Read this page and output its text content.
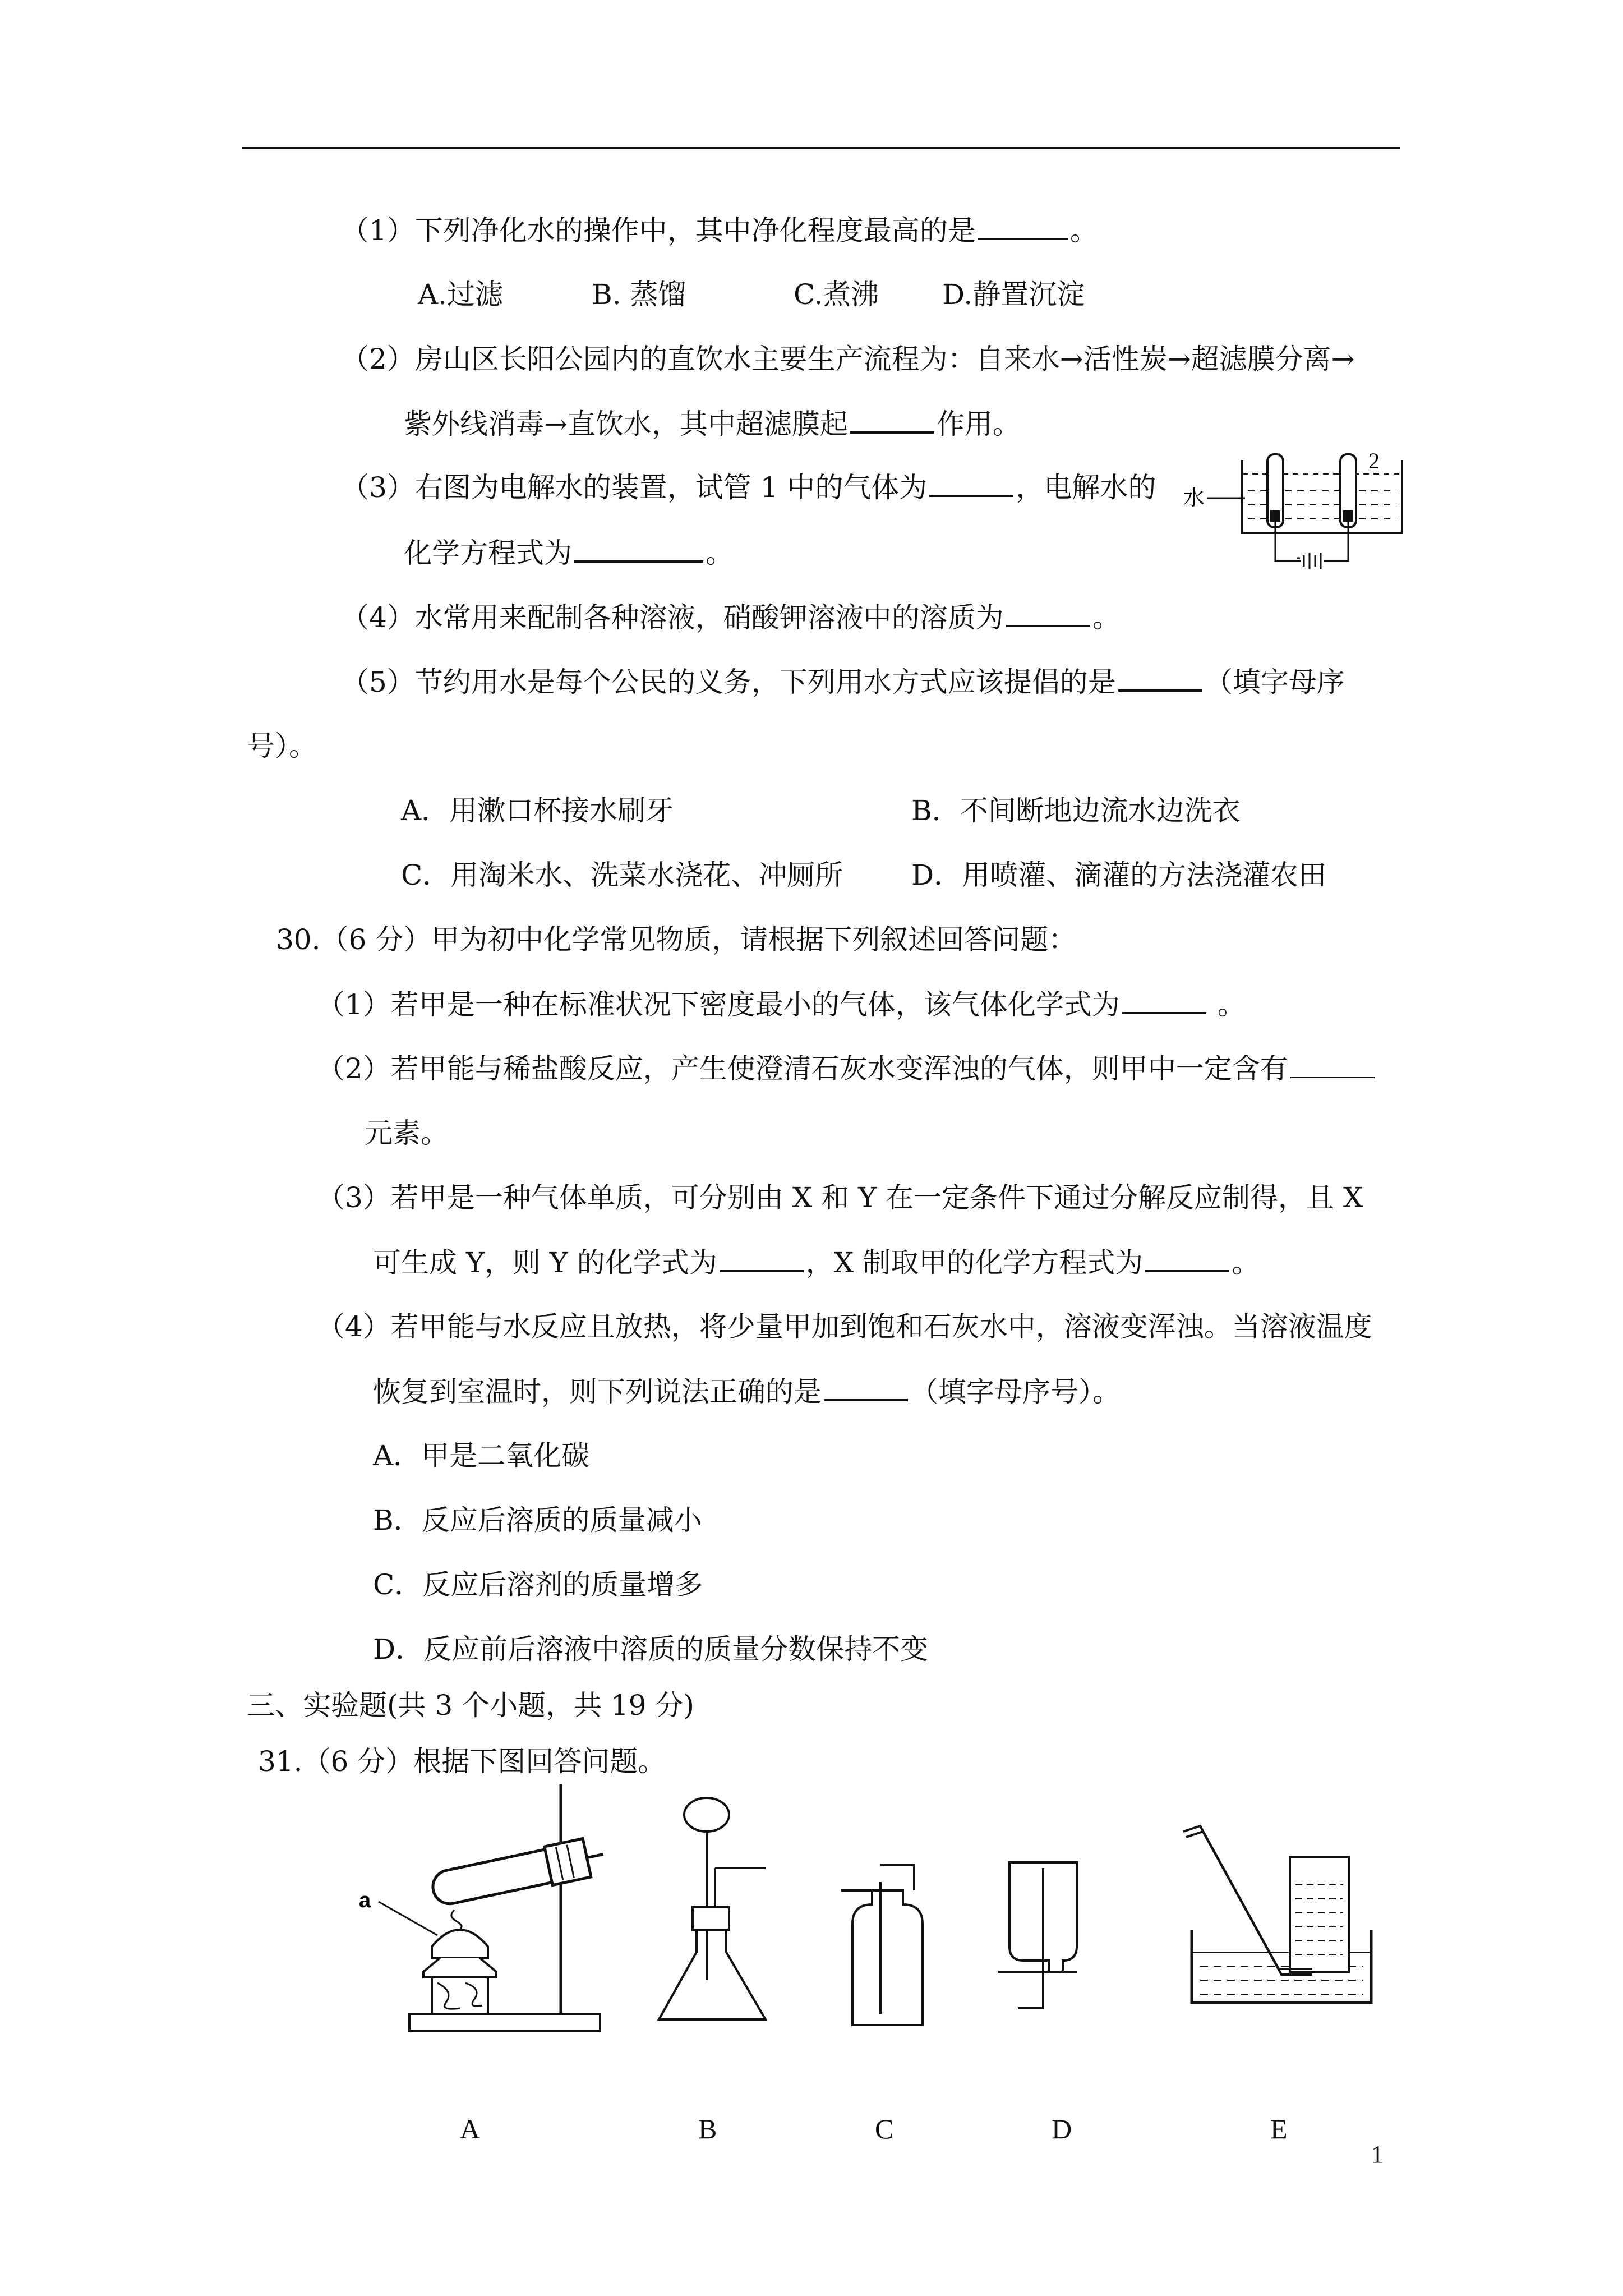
（1）下列净化水的操作中，其中净化程度最高的是	。
A.过滤	B. 蒸馏	C.煮沸 D.静置沉淀
（2）房山区长阳公园内的直饮水主要生产流程为：自来水→活性炭→超滤膜分离→
紫外线消毒→直饮水，其中超滤膜起	作用。
（3）右图为电解水的装置，试管 1 中的气体为	，电解水的
化学方程式为	。
（4）水常用来配制各种溶液，硝酸钾溶液中的溶质为	。
（5）节约用水是每个公民的义务，下列用水方式应该提倡的是	（填字母序
号）。
A．用漱口杯接水刷牙	B．不间断地边流水边洗衣
C．用淘米水、洗菜水浇花、冲厕所 D．用喷灌、滴灌的方法浇灌农田
2
水
30.（6 分）甲为初中化学常见物质，请根据下列叙述回答问题：
（1）若甲是一种在标准状况下密度最小的气体，该气体化学式为	。
（2）若甲能与稀盐酸反应，产生使澄清石灰水变浑浊的气体，则甲中一定含有
元素。
（3）若甲是一种气体单质，可分别由 X 和 Y 在一定条件下通过分解反应制得，且 X
可生成 Y，则 Y 的化学式为	，X 制取甲的化学方程式为	。
（4）若甲能与水反应且放热，将少量甲加到饱和石灰水中，溶液变浑浊。当溶液温度
恢复到室温时，则下列说法正确的是	（填字母序号）。
A．甲是二氧化碳
B．反应后溶质的质量减小
C．反应后溶剂的质量增多
D．反应前后溶液中溶质的质量分数保持不变
三、实验题(共 3 个小题，共 19 分)
31.（6 分）根据下图回答问题。
a
A	B	C	D	E
1
